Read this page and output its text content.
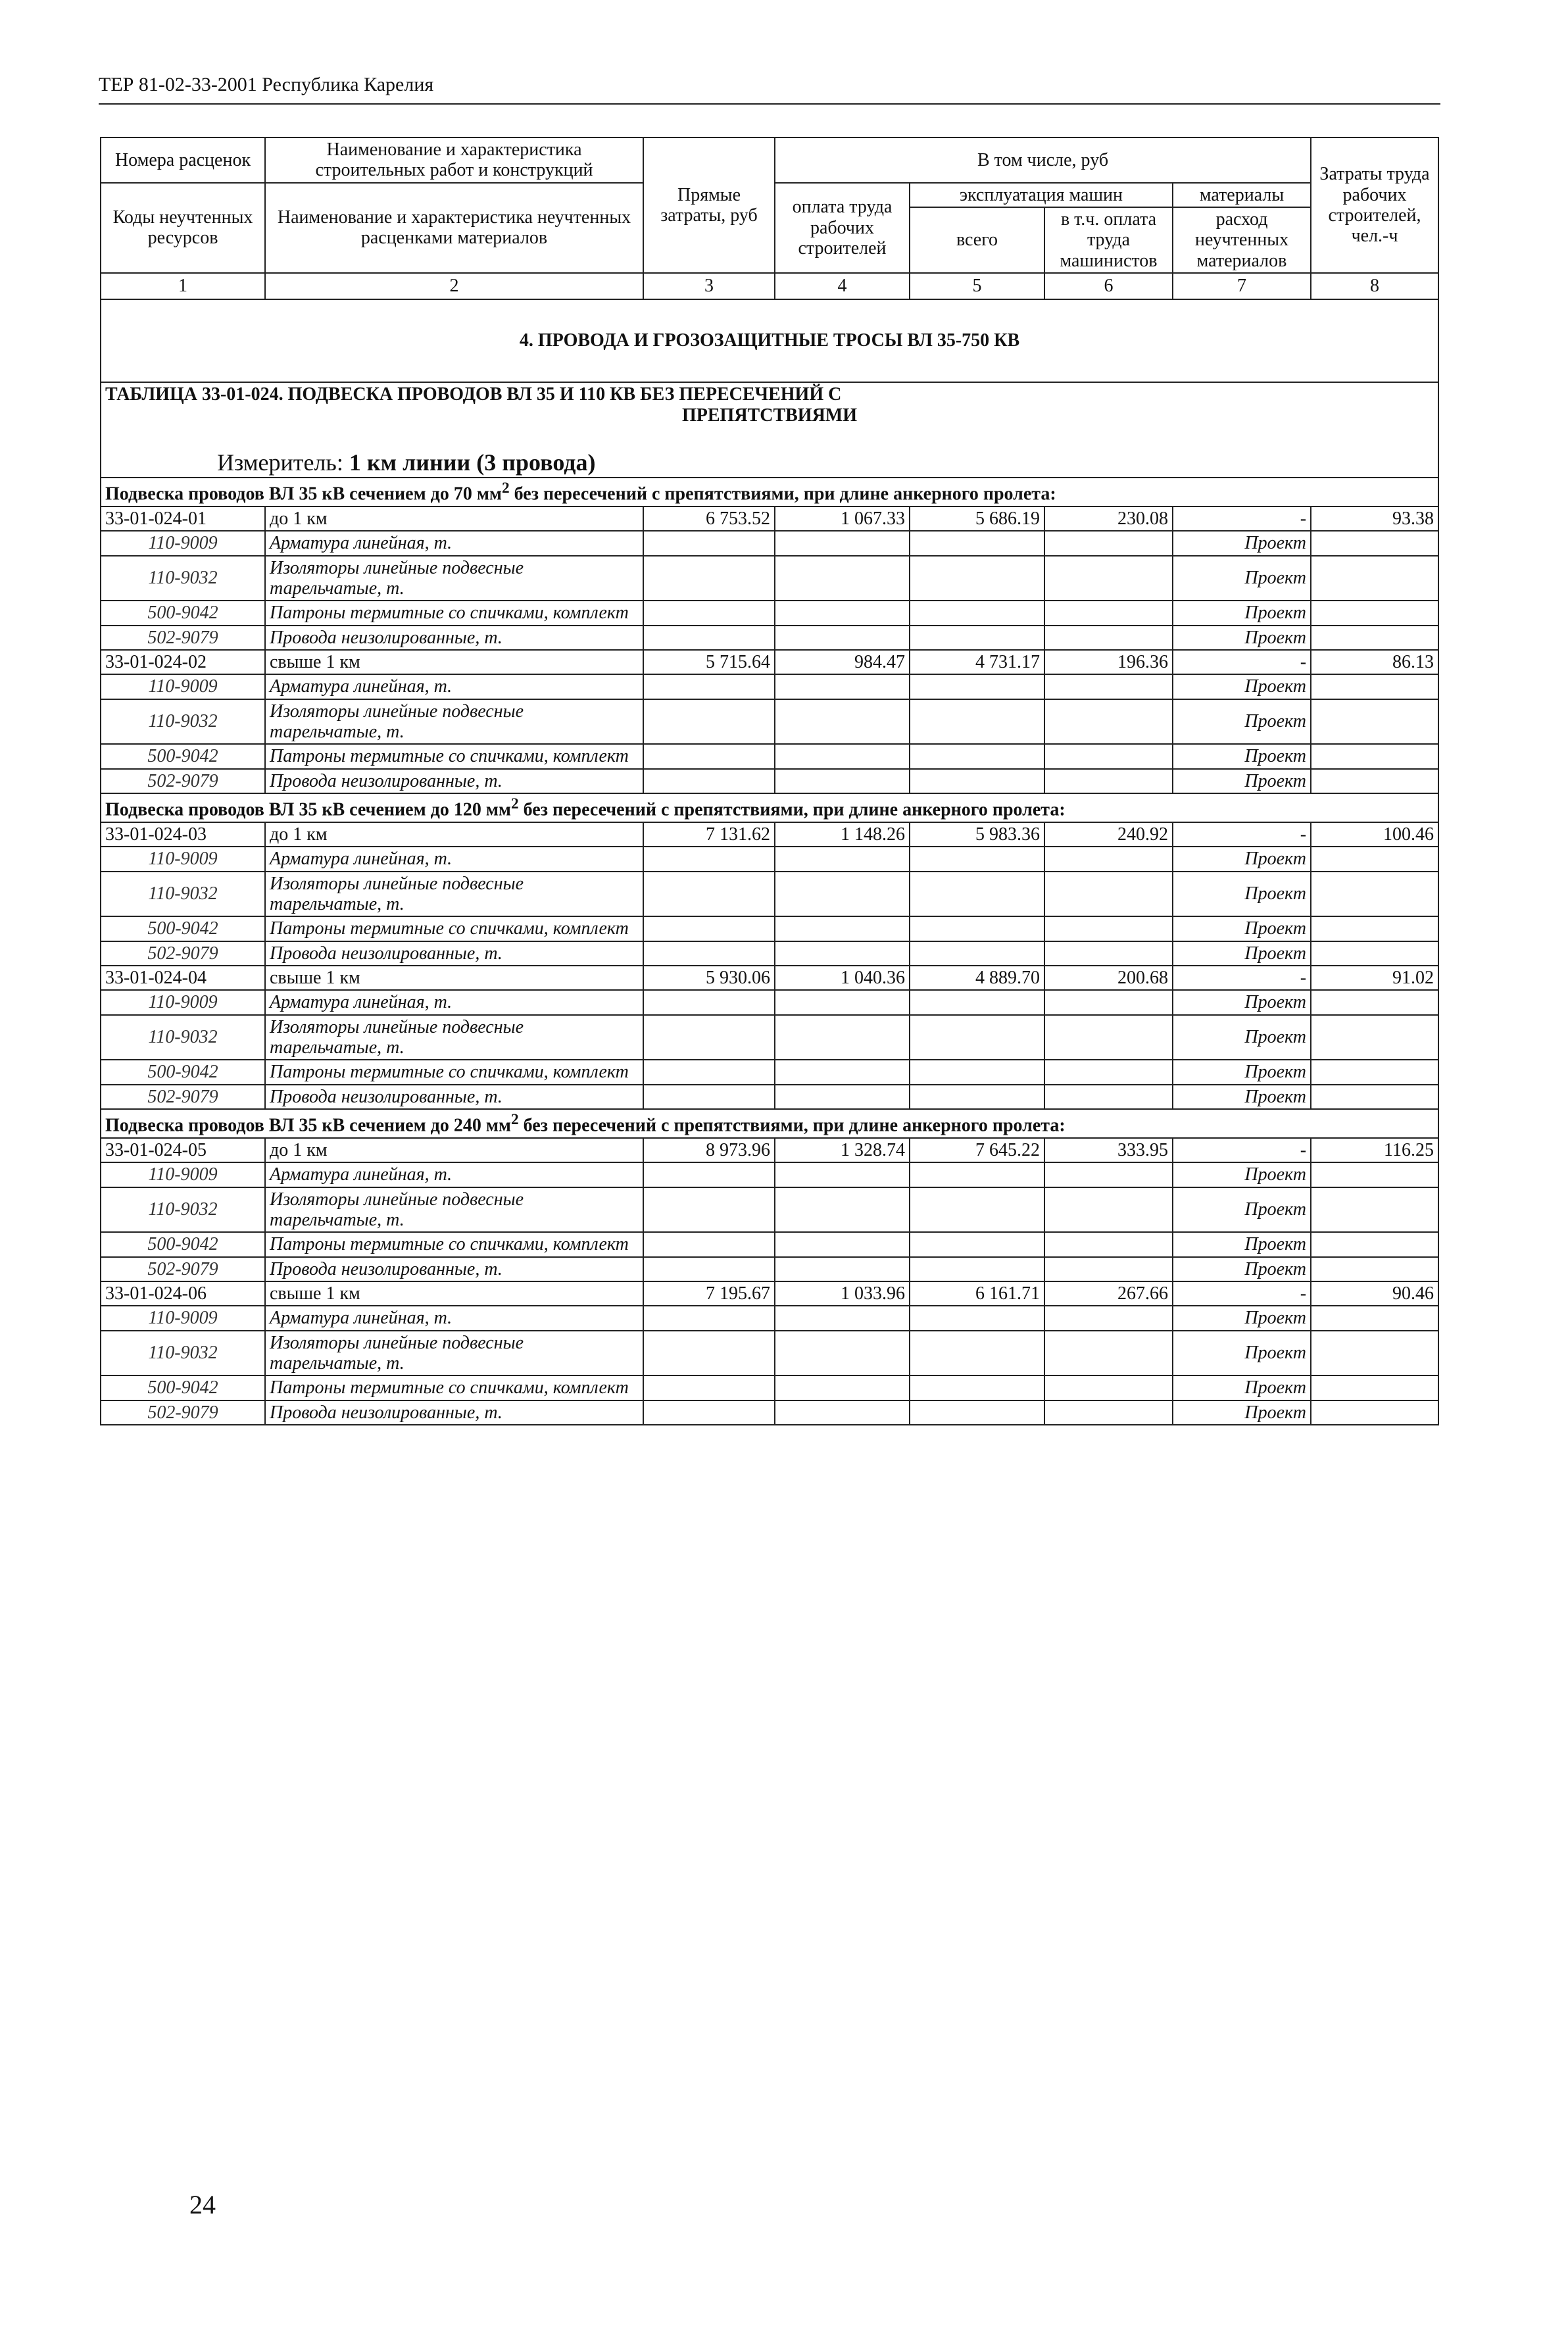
ТЕР 81-02-33-2001 Республика Карелия
Номера расценок	Наименование и характеристика строительных работ и конструкций	Прямые затраты, руб	В том числе, руб				Затраты труда рабочих строителей, чел.-ч
Коды неучтенных ресурсов	Наименование и характеристика неучтенных расценками материалов		оплата труда рабочих строителей	эксплуатация машин		материалы	
				всего	в т.ч. оплата труда машинистов	расход неучтенных материалов	

1	2	3	4	5	6	7	8
4. ПРОВОДА И ГРОЗОЗАЩИТНЫЕ ТРОСЫ ВЛ 35-750 КВ							
ТАБЛИЦА 33-01-024. ПОДВЕСКА ПРОВОДОВ ВЛ 35 И 110 КВ БЕЗ ПЕРЕСЕЧЕНИЙ С
ПРЕПЯТСТВИЯМИ
Измеритель: 1 км линии (3 провода)							

Подвеска проводов ВЛ 35 кВ сечением до 70 $мм^2$ без пересечений с препятствиями, при длине анкерного пролета:							
33-01-024-01	до 1 км	6 753.52	1 067.33	5 686.19	230.08	-	93.38
110-9009	Арматура линейная, т.					Проект	
110-9032	Изоляторы линейные подвесные тарельчатые, т.					Проект	
500-9042	Патроны термитные со спичками, комплект					Проект	
502-9079	Провода неизолированные, т.					Проект	
33-01-024-02	свыше 1 км	5 715.64	984.47	4 731.17	196.36	-	86.13
110-9009	Арматура линейная, т.					Проект	
110-9032	Изоляторы линейные подвесные тарельчатые, т.					Проект	
500-9042	Патроны термитные со спичками, комплект					Проект	
502-9079	Провода неизолированные, т.					Проект	
Подвеска проводов ВЛ 35 кВ сечением до 120 $мм^2$ без пересечений с препятствиями, при длине анкерного пролета:							
33-01-024-03	до 1 км	7 131.62	1 148.26	5 983.36	240.92	-	100.46
110-9009	Арматура линейная, т.					Проект	
110-9032	Изоляторы линейные подвесные тарельчатые, т.					Проект	
500-9042	Патроны термитные со спичками, комплект					Проект	
502-9079	Провода неизолированные, т.					Проект	
33-01-024-04	свыше 1 км	5 930.06	1 040.36	4 889.70	200.68	-	91.02
110-9009	Арматура линейная, т.					Проект	
110-9032	Изоляторы линейные подвесные тарельчатые, т.					Проект	
500-9042	Патроны термитные со спичками, комплект					Проект	
502-9079	Провода неизолированные, т.					Проект	
Подвеска проводов ВЛ 35 кВ сечением до 240 $мм^2$ без пересечений с препятствиями, при длине анкерного пролета:							
33-01-024-05	до 1 км	8 973.96	1 328.74	7 645.22	333.95	-	116.25
110-9009	Арматура линейная, т.					Проект	
110-9032	Изоляторы линейные подвесные тарельчатые, т.					Проект	
500-9042	Патроны термитные со спичками, комплект					Проект	
502-9079	Провода неизолированные, т.					Проект	
33-01-024-06	свыше 1 км	7 195.67	1 033.96	6 161.71	267.66	-	90.46
110-9009	Арматура линейная, т.					Проект	
110-9032	Изоляторы линейные подвесные тарельчатые, т.					Проект	
500-9042	Патроны термитные со спичками, комплект					Проект	
502-9079	Провода неизолированные, т.					Проект	
24
